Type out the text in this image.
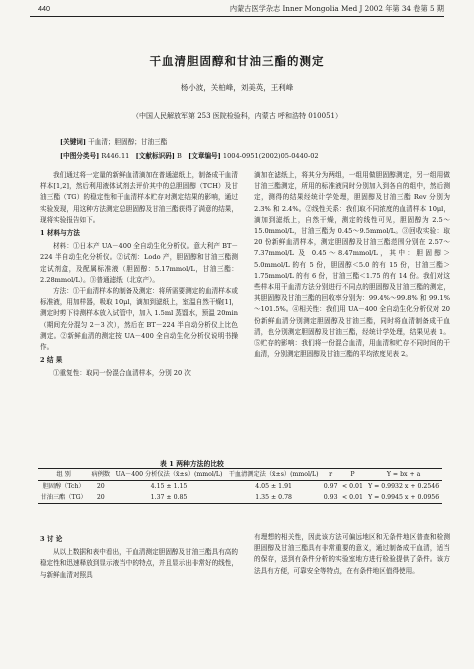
440	内蒙古医学杂志 Inner Mongolia Med J 2002 年第 34 卷第 5 期
干血清胆固醇和甘油三酯的测定
杨小波，关柏峰，刘美英，王利峰
（中国人民解放军第 253 医院检验科，内蒙古 呼和浩特 010051）
[关键词] 干血清；胆固醇；甘油三酯
[中图分类号] R446.11 [文献标识码] B [文章编号] 1004-0951(2002)05-0440-02

我们通过将一定量的新鲜血清滴加在普通滤纸上，制备成干血清样本[1,2]，然后利用液体试剂去评价其中的总胆固醇（TCH）及甘油三酯（TG）的稳定性和干血清样本贮存对测定结果的影响，通过实验发现，用这种方法测定总胆固醇及甘油三酯获得了满意的结果，现将实验报告如下。

1 材料与方法

材料：①日本产 UA－400 全自动生化分析仪。意大利产 BT－224 半自动生化分析仪。②试剂：Lodo 产，胆固醇和甘油三酯测定试剂盒，及配属标准液（胆固醇：5.17mmol/L，甘油三酯：2.28mmol/L）。③普通滤纸（北京产）。

方法：①干血清样本的制备及测定：将所需要测定的血清样本或标准液，用加样器，吸取 10μl，滴加到滤纸上，室温自然干燥[1]，测定时剪下待测样本放入试管中，加入 1.5ml 蒸馏水，预温 20min（期间充分混匀 2－3 次），然后在 BT－224 半自动分析仪上比色测定。②新鲜血清的测定按 UA－400 全自动生化分析仪说明书操作。

2 结 果

①重复性：取同一份混合血清样本，分别 20 次

滴加在滤纸上，将其分为两组，一组用做胆固醇测定，另一组用做甘油三酯测定，所用的标准液同时分别加入到各自的组中，然后测定，测得的结果经统计学处理，胆固醇及甘油三酯 Rev 分别为 2.3% 和 2.4%。②线性关系：我们取不同浓度的血清样本 10μl，滴加到滤纸上，自然干燥，测定的线性可见，胆固醇为 2.5～15.0mmol/L，甘油三酯为 0.45～9.5mmol/L。③回收实验：取 20 份新鲜血清样本，测定胆固醇及甘油三酯范围分别在 2.57～7.37mmol/L 及 0.45～8.47mmol/L，其中：胆固醇＞5.0mmol/L 的有 5 份，胆固醇＜5.0 的有 15 份，甘油三酯＞1.75mmol/L 的有 6 份，甘油三酯＜1.75 的有 14 份。我们对这些样本用干血清方法分别进行不同点的胆固醇及甘油三酯的测定，其胆固醇及甘油三酯的回收率分别为：99.4%～99.8% 和 99.1%～101.5%。④相关性：我们用 UA－400 全自动生化分析仪对 20 份新鲜血清分别测定胆固醇及甘油三酯，同时将血清制备成干血清，也分别测定胆固醇及甘油三酯，经统计学处理，结果见表 1。⑤贮存的影响：我们将一份混合血清，用血清和贮存不同时间的干血清，分别测定胆固醇及甘油三酯的平均浓度见表 2。

表 1 两种方法的比较
组 别	病例数	UA－400 分析仪法（x̄±s）(mmol/L)	干血清测定法（x̄±s）(mmol/L)	r	P	Y = bx + a
胆固醇（Tch）	20	4.15 ± 1.15	4.05 ± 1.91	0.97	< 0.01	Y = 0.9932 x + 0.2546
甘油三酯（TG）	20	1.37 ± 0.85	1.35 ± 0.78	0.93	< 0.01	Y = 0.9945 x + 0.0956

3 讨 论

从以上数据和表中看出，干血清测定胆固醇及甘油三酯具有高的稳定性和迅速释放到显示液当中的特点，并且显示出非常好的线性，与新鲜血清对照具

有理想的相关性，因此该方法可偏远地区和无条件地区普查和检测胆固醇及甘油三酯具有非常重要的意义，通过制备成干血清，适当的保存，送到有条件分析的实验室地方进行检验提供了条件。该方法具有方便，可靠安全等特点，在有条件地区值得使用。
